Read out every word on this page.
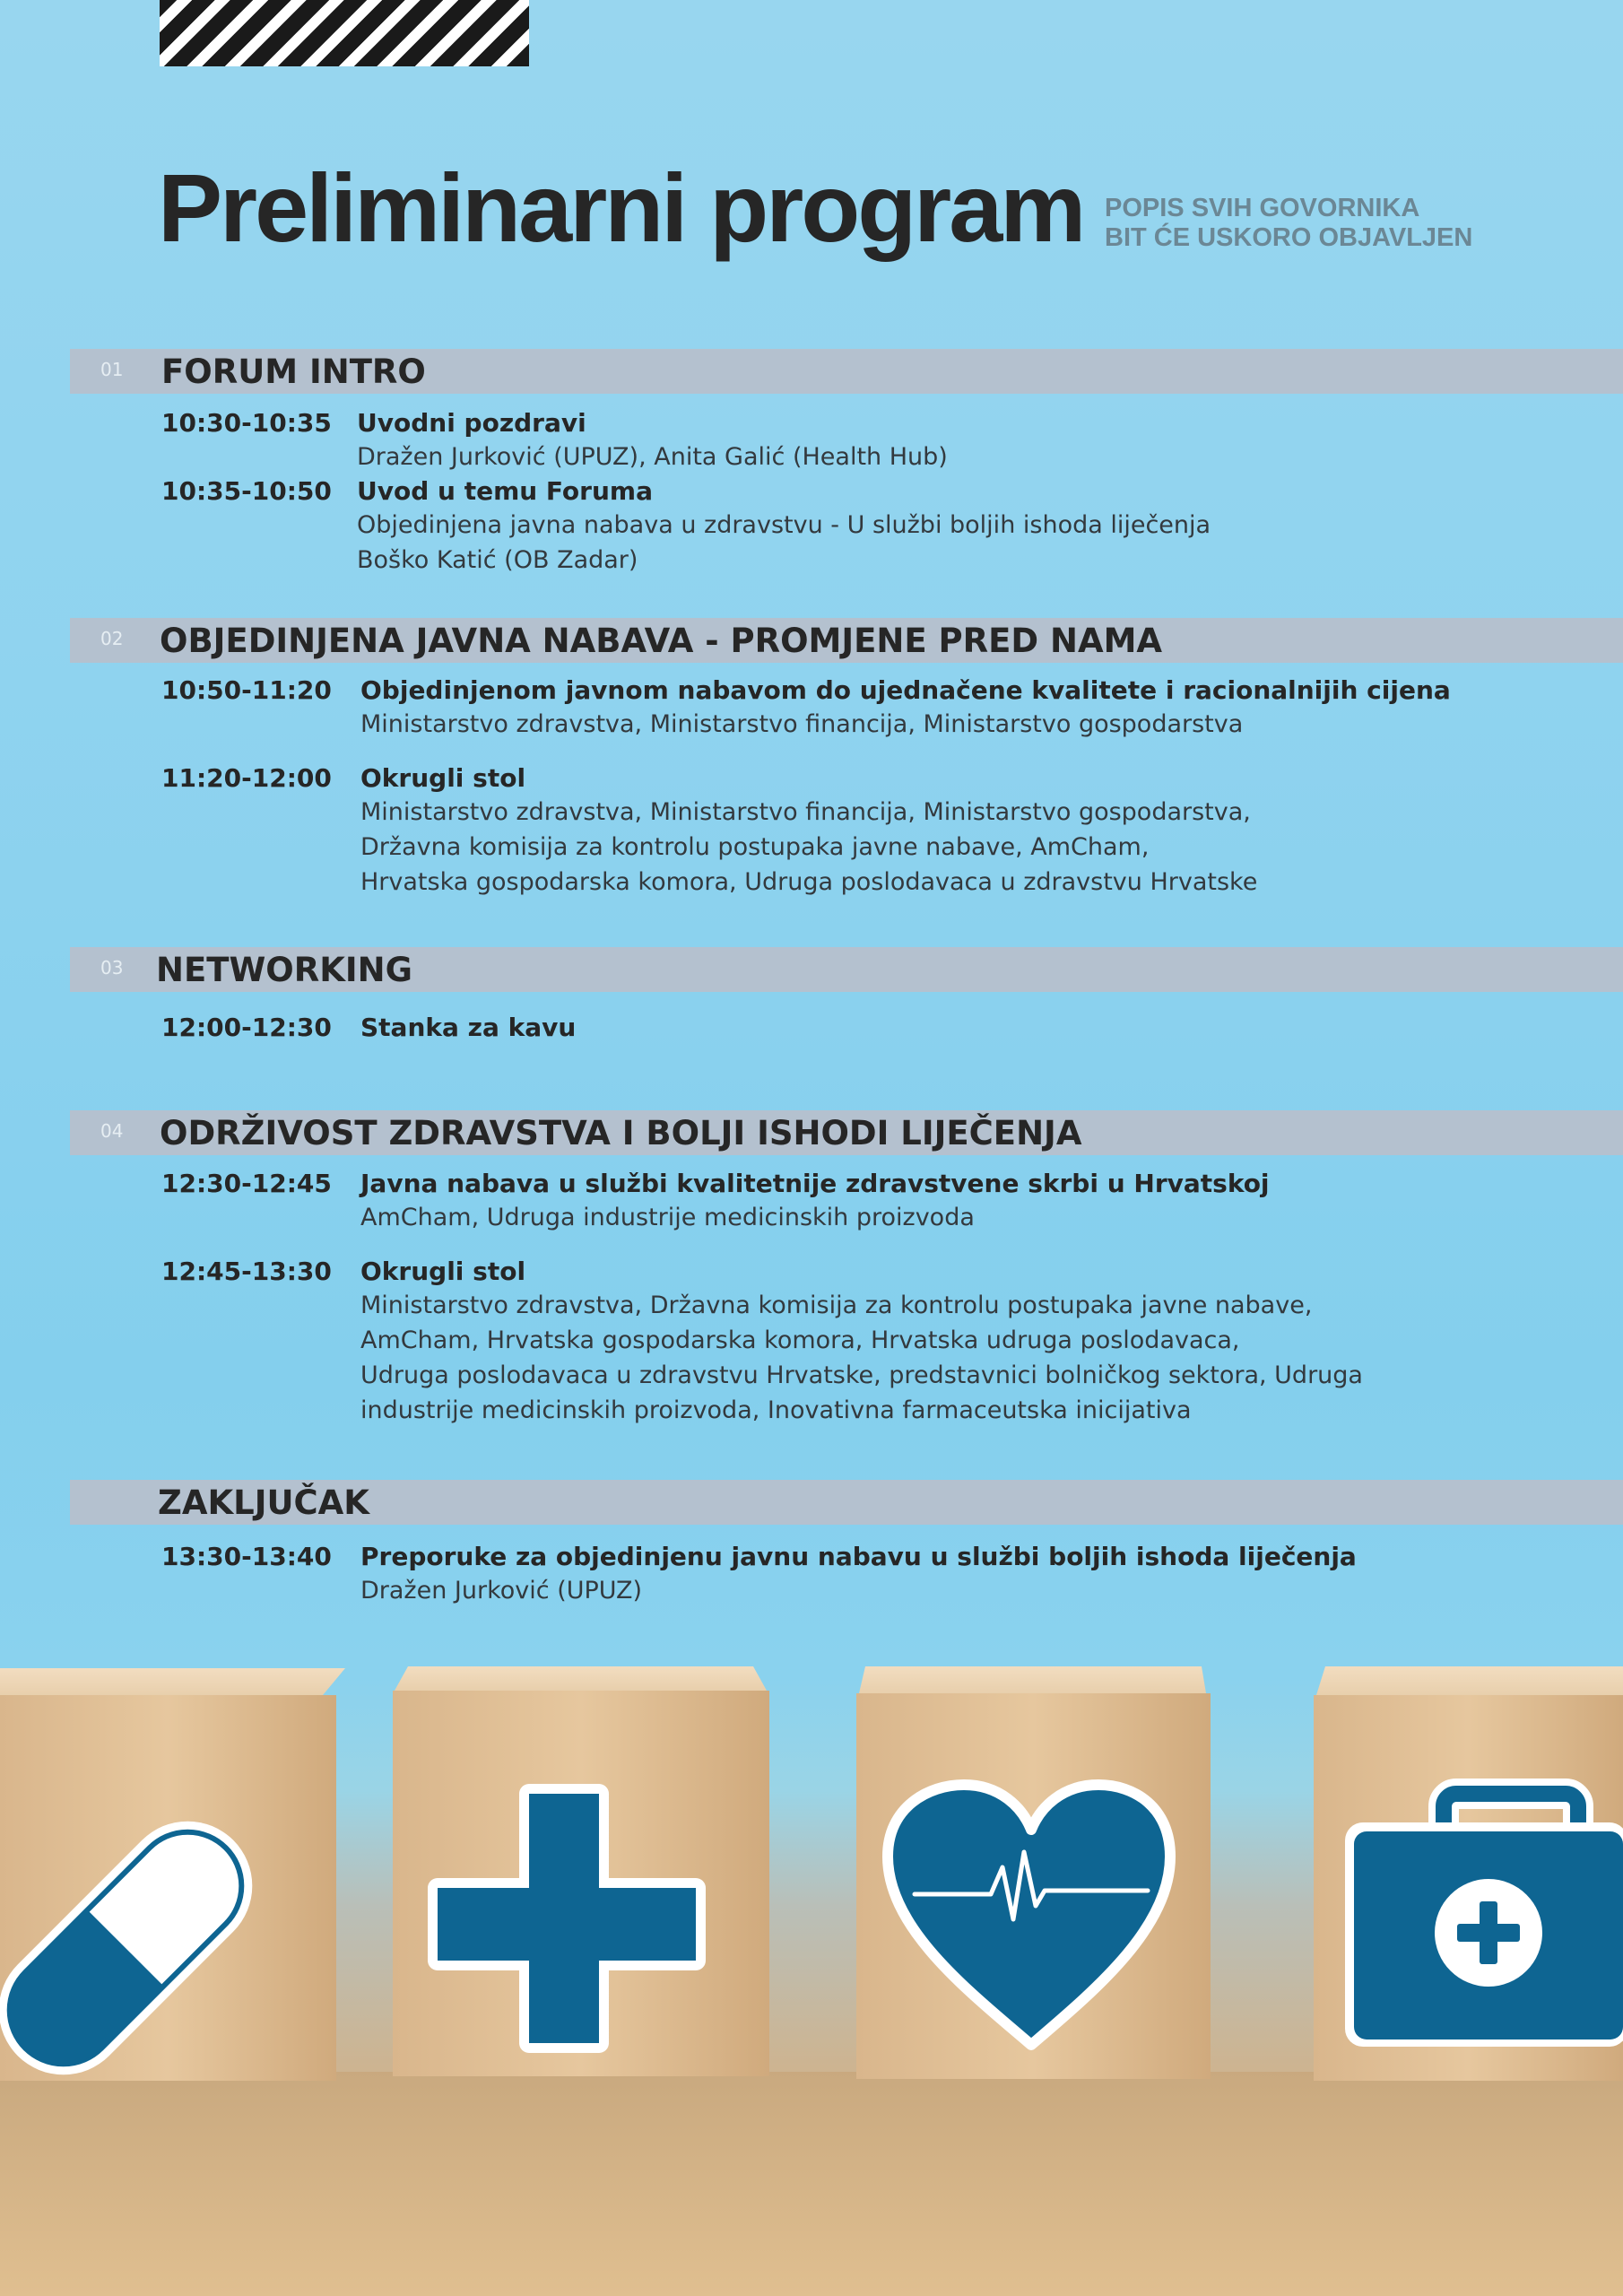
Preliminarni program POPIS SVIH GOVORNIKA
BIT ĆE USKORO OBJAVLJEN
01 FORUM INTRO
10:30-10:35 Uvodni pozdravi
Dražen Jurković (UPUZ), Anita Galić (Health Hub)
10:35-10:50 Uvod u temu Foruma
Objedinjena javna nabava u zdravstvu - U službi boljih ishoda liječenja
Boško Katić (OB Zadar)
02 OBJEDINJENA JAVNA NABAVA - PROMJENE PRED NAMA
10:50-11:20 Objedinjenom javnom nabavom do ujednačene kvalitete i racionalnijih cijena
Ministarstvo zdravstva, Ministarstvo financija, Ministarstvo gospodarstva
11:20-12:00 Okrugli stol
Ministarstvo zdravstva, Ministarstvo financija, Ministarstvo gospodarstva,
Državna komisija za kontrolu postupaka javne nabave, AmCham,
Hrvatska gospodarska komora, Udruga poslodavaca u zdravstvu Hrvatske
03 NETWORKING
12:00-12:30 Stanka za kavu
04 ODRŽIVOST ZDRAVSTVA I BOLJI ISHODI LIJEČENJA
12:30-12:45 Javna nabava u službi kvalitetnije zdravstvene skrbi u Hrvatskoj
AmCham, Udruga industrije medicinskih proizvoda
12:45-13:30 Okrugli stol
Ministarstvo zdravstva, Državna komisija za kontrolu postupaka javne nabave,
AmCham, Hrvatska gospodarska komora, Hrvatska udruga poslodavaca,
Udruga poslodavaca u zdravstvu Hrvatske, predstavnici bolničkog sektora, Udruga
industrije medicinskih proizvoda, Inovativna farmaceutska inicijativa
ZAKLJUČAK
13:30-13:40 Preporuke za objedinjenu javnu nabavu u službi boljih ishoda liječenja
Dražen Jurković (UPUZ)
